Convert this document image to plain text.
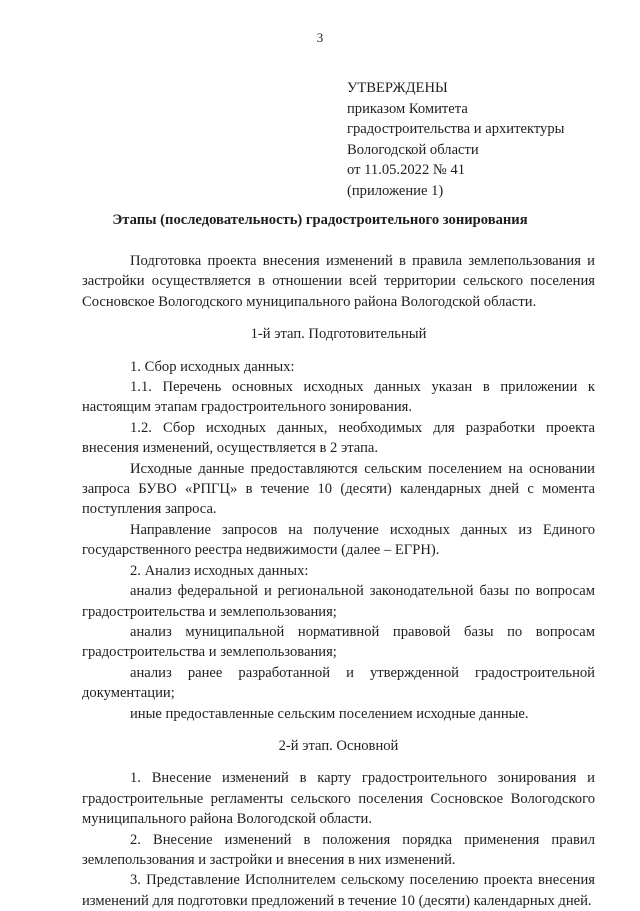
3
УТВЕРЖДЕНЫ
приказом Комитета
градостроительства и архитектуры
Вологодской области
от 11.05.2022 № 41
(приложение 1)
Этапы (последовательность) градостроительного зонирования

Подготовка проекта внесения изменений в правила землепользования и застройки осуществляется в отношении всей территории сельского поселения Сосновское Вологодского муниципального района Вологодской области.

1-й этап. Подготовительный

1. Сбор исходных данных:

1.1. Перечень основных исходных данных указан в приложении к настоящим этапам градостроительного зонирования.

1.2. Сбор исходных данных, необходимых для разработки проекта внесения изменений, осуществляется в 2 этапа.

Исходные данные предоставляются сельским поселением на основании запроса БУВО «РПГЦ» в течение 10 (десяти) календарных дней с момента поступления запроса.

Направление запросов на получение исходных данных из Единого государственного реестра недвижимости (далее – ЕГРН).

2. Анализ исходных данных:

анализ федеральной и региональной законодательной базы по вопросам градостроительства и землепользования;

анализ муниципальной нормативной правовой базы по вопросам градостроительства и землепользования;

анализ ранее разработанной и утвержденной градостроительной документации;

иные предоставленные сельским поселением исходные данные.

2-й этап. Основной

1. Внесение изменений в карту градостроительного зонирования и градостроительные регламенты сельского поселения Сосновское Вологодского муниципального района Вологодской области.

2. Внесение изменений в положения порядка применения правил землепользования и застройки и внесения в них изменений.

3. Представление Исполнителем сельскому поселению проекта внесения изменений для подготовки предложений в течение 10 (десяти) календарных дней.
